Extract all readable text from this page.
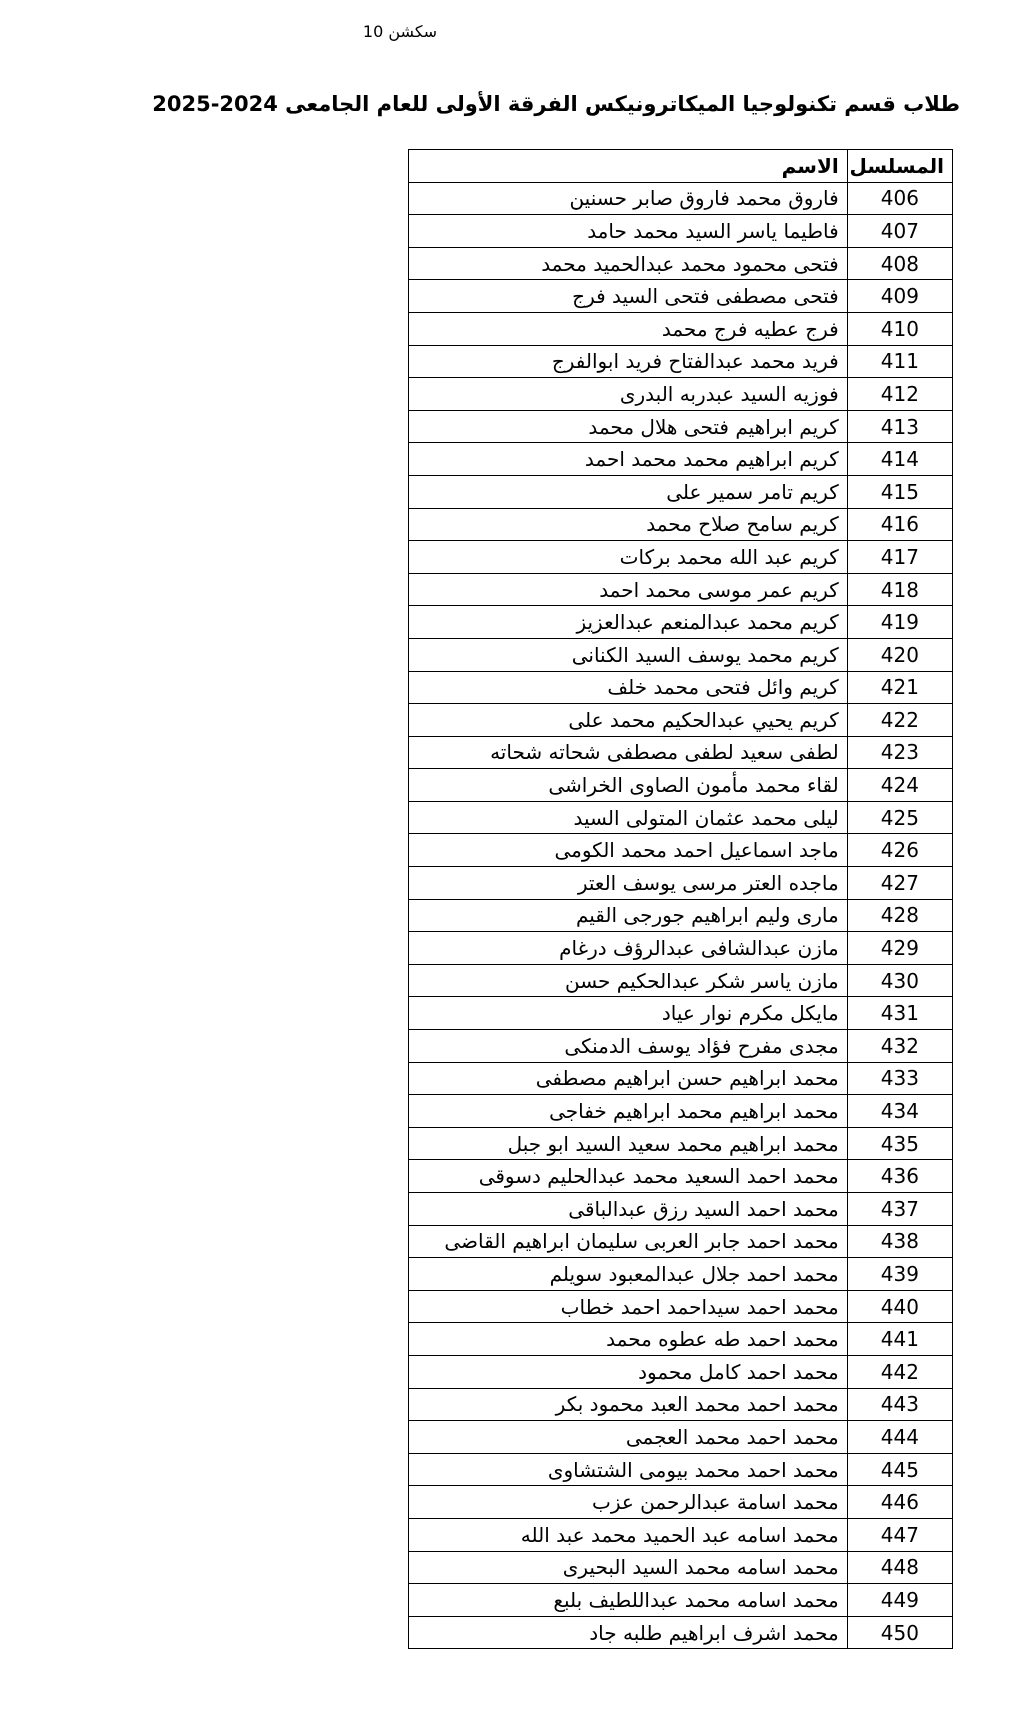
سكشن 10
طلاب قسم تكنولوجيا الميكاترونيكس الفرقة الأولى للعام الجامعى 2024-2025
المسلسل	الاسم
406	فاروق محمد فاروق صابر حسنين
407	فاطيما ياسر السيد محمد حامد
408	فتحى محمود محمد عبدالحميد محمد
409	فتحى مصطفى فتحى السيد فرج
410	فرج عطيه فرج محمد
411	فريد محمد عبدالفتاح فريد ابوالفرج
412	فوزيه السيد عبدربه البدرى
413	كريم ابراهيم فتحى هلال محمد
414	كريم ابراهيم محمد محمد احمد
415	كريم تامر سمير على
416	كريم سامح صلاح محمد
417	كريم عبد الله محمد بركات
418	كريم عمر موسى محمد احمد
419	كريم محمد عبدالمنعم عبدالعزيز
420	كريم محمد يوسف السيد الكنانى
421	كريم وائل فتحى محمد خلف
422	كريم يحيي عبدالحكيم محمد على
423	لطفى سعيد لطفى مصطفى شحاته شحاته
424	لقاء محمد مأمون الصاوى الخراشى
425	ليلى محمد عثمان المتولى السيد
426	ماجد اسماعيل احمد محمد الكومى
427	ماجده العتر مرسى يوسف العتر
428	مارى وليم ابراهيم جورجى القيم
429	مازن عبدالشافى عبدالرؤف درغام
430	مازن ياسر شكر عبدالحكيم حسن
431	مايكل مكرم نوار عياد
432	مجدى مفرح فؤاد يوسف الدمنكى
433	محمد ابراهيم حسن ابراهيم مصطفى
434	محمد ابراهيم محمد ابراهيم خفاجى
435	محمد ابراهيم محمد سعيد السيد ابو جبل
436	محمد احمد السعيد محمد عبدالحليم دسوقى
437	محمد احمد السيد رزق عبدالباقى
438	محمد احمد جابر العربى سليمان ابراهيم القاضى
439	محمد احمد جلال عبدالمعبود سويلم
440	محمد احمد سيداحمد احمد خطاب
441	محمد احمد طه عطوه محمد
442	محمد احمد كامل محمود
443	محمد احمد محمد العبد محمود بكر
444	محمد احمد محمد العجمى
445	محمد احمد محمد بيومى الشتشاوى
446	محمد اسامة عبدالرحمن عزب
447	محمد اسامه عبد الحميد محمد عبد الله
448	محمد اسامه محمد السيد البحيرى
449	محمد اسامه محمد عبداللطيف بلبع
450	محمد اشرف ابراهيم طلبه جاد
